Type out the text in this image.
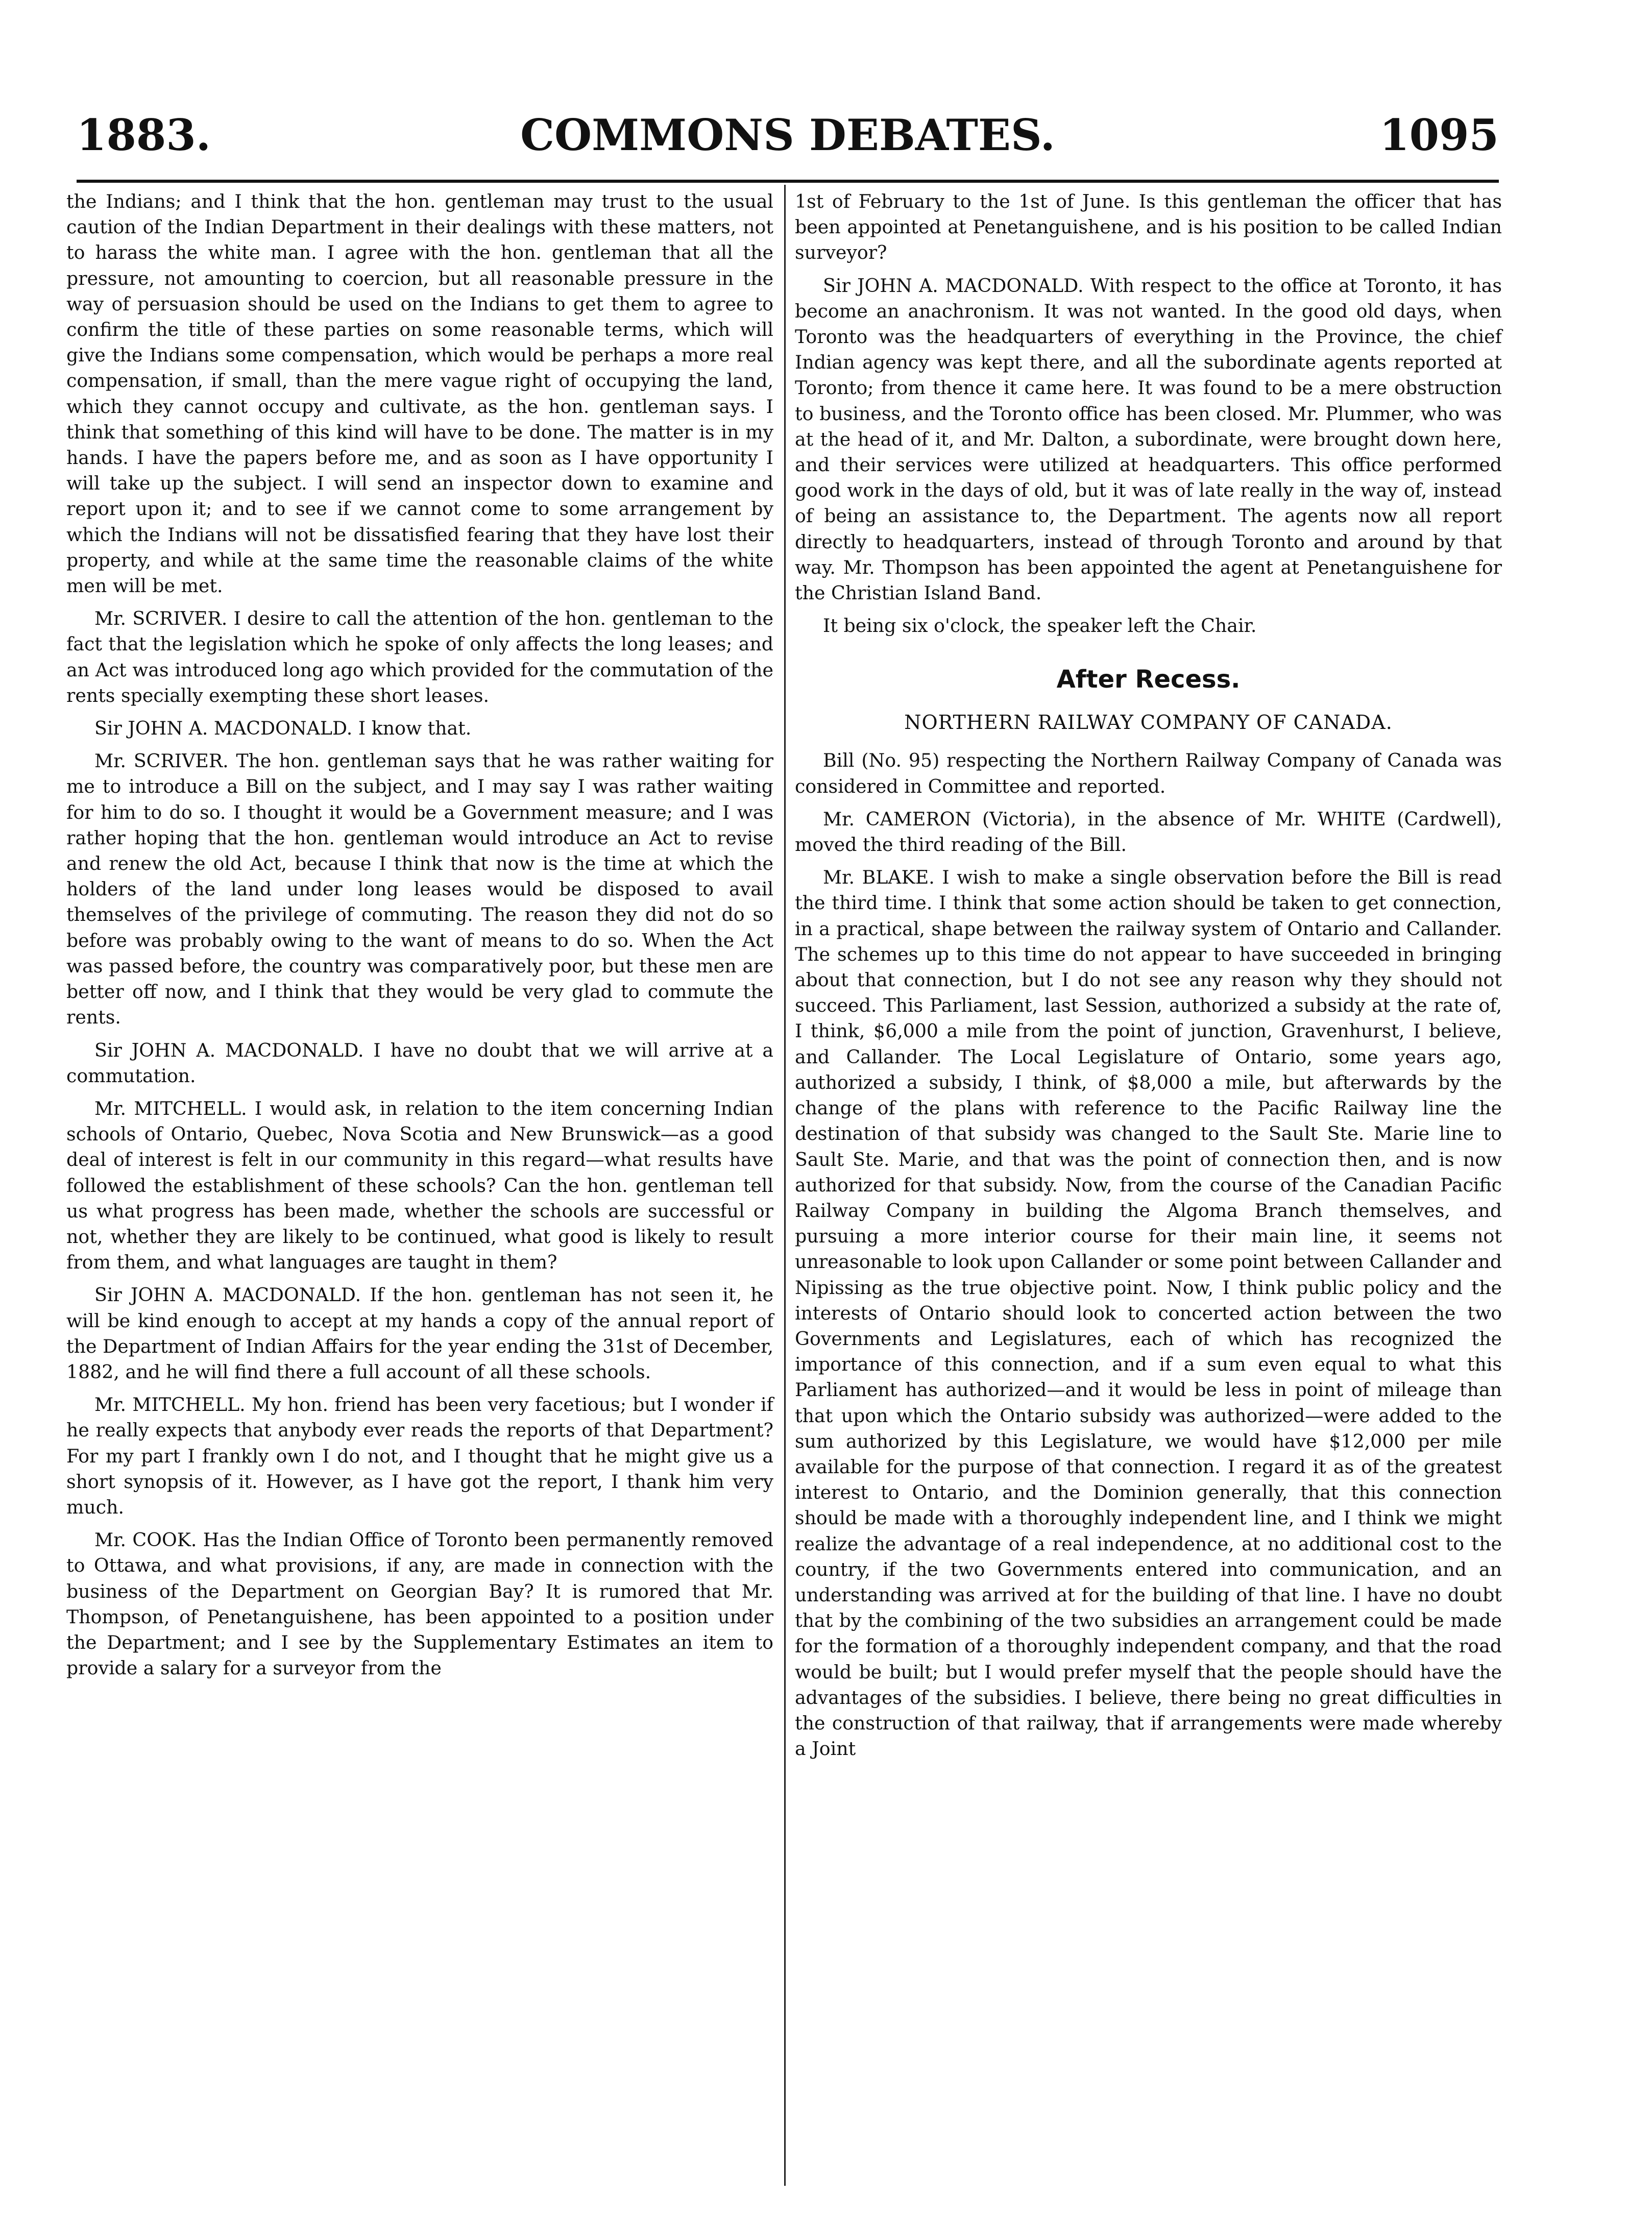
1883.	COMMONS DEBATES.	1095

the Indians; and I think that the hon. gentleman may trust to the usual caution of the Indian Department in their dealings with these matters, not to harass the white man. I agree with the hon. gentleman that all the pressure, not amounting to coercion, but all reasonable pressure in the way of persuasion should be used on the Indians to get them to agree to confirm the title of these parties on some reasonable terms, which will give the Indians some compensation, which would be perhaps a more real compensation, if small, than the mere vague right of occupying the land, which they cannot occupy and cultivate, as the hon. gentleman says. I think that something of this kind will have to be done. The matter is in my hands. I have the papers before me, and as soon as I have opportunity I will take up the subject. I will send an inspector down to examine and report upon it; and to see if we cannot come to some arrangement by which the Indians will not be dissatisfied fearing that they have lost their property, and while at the same time the reasonable claims of the white men will be met.

Mr. SCRIVER. I desire to call the attention of the hon. gentleman to the fact that the legislation which he spoke of only affects the long leases; and an Act was introduced long ago which provided for the commutation of the rents specially exempting these short leases.

Sir JOHN A. MACDONALD. I know that.

Mr. SCRIVER. The hon. gentleman says that he was rather waiting for me to introduce a Bill on the subject, and I may say I was rather waiting for him to do so. I thought it would be a Government measure; and I was rather hoping that the hon. gentleman would introduce an Act to revise and renew the old Act, because I think that now is the time at which the holders of the land under long leases would be disposed to avail themselves of the privilege of commuting. The reason they did not do so before was probably owing to the want of means to do so. When the Act was passed before, the country was comparatively poor, but these men are better off now, and I think that they would be very glad to commute the rents.

Sir JOHN A. MACDONALD. I have no doubt that we will arrive at a commutation.

Mr. MITCHELL. I would ask, in relation to the item concerning Indian schools of Ontario, Quebec, Nova Scotia and New Brunswick—as a good deal of interest is felt in our community in this regard—what results have followed the establishment of these schools? Can the hon. gentleman tell us what progress has been made, whether the schools are successful or not, whether they are likely to be continued, what good is likely to result from them, and what languages are taught in them?

Sir JOHN A. MACDONALD. If the hon. gentleman has not seen it, he will be kind enough to accept at my hands a copy of the annual report of the Department of Indian Affairs for the year ending the 31st of December, 1882, and he will find there a full account of all these schools.

Mr. MITCHELL. My hon. friend has been very facetious; but I wonder if he really expects that anybody ever reads the reports of that Department? For my part I frankly own I do not, and I thought that he might give us a short synopsis of it. However, as I have got the report, I thank him very much.

Mr. COOK. Has the Indian Office of Toronto been permanently removed to Ottawa, and what provisions, if any, are made in connection with the business of the Department on Georgian Bay? It is rumored that Mr. Thompson, of Penetanguishene, has been appointed to a position under the Department; and I see by the Supplementary Estimates an item to provide a salary for a surveyor from the

1st of February to the 1st of June. Is this gentleman the officer that has been appointed at Penetanguishene, and is his position to be called Indian surveyor?

Sir JOHN A. MACDONALD. With respect to the office at Toronto, it has become an anachronism. It was not wanted. In the good old days, when Toronto was the headquarters of everything in the Province, the chief Indian agency was kept there, and all the subordinate agents reported at Toronto; from thence it came here. It was found to be a mere obstruction to business, and the Toronto office has been closed. Mr. Plummer, who was at the head of it, and Mr. Dalton, a subordinate, were brought down here, and their services were utilized at headquarters. This office performed good work in the days of old, but it was of late really in the way of, instead of being an assistance to, the Department. The agents now all report directly to headquarters, instead of through Toronto and around by that way. Mr. Thompson has been appointed the agent at Penetanguishene for the Christian Island Band.

It being six o'clock, the speaker left the Chair.

After Recess.
NORTHERN RAILWAY COMPANY OF CANADA.

Bill (No. 95) respecting the Northern Railway Company of Canada was considered in Committee and reported.

Mr. CAMERON (Victoria), in the absence of Mr. WHITE (Cardwell), moved the third reading of the Bill.

Mr. BLAKE. I wish to make a single observation before the Bill is read the third time. I think that some action should be taken to get connection, in a practical, shape between the railway system of Ontario and Callander. The schemes up to this time do not appear to have succeeded in bringing about that connection, but I do not see any reason why they should not succeed. This Parliament, last Session, authorized a subsidy at the rate of, I think, $6,000 a mile from the point of junction, Gravenhurst, I believe, and Callander. The Local Legislature of Ontario, some years ago, authorized a subsidy, I think, of $8,000 a mile, but afterwards by the change of the plans with reference to the Pacific Railway line the destination of that subsidy was changed to the Sault Ste. Marie line to Sault Ste. Marie, and that was the point of connection then, and is now authorized for that subsidy. Now, from the course of the Canadian Pacific Railway Company in building the Algoma Branch themselves, and pursuing a more interior course for their main line, it seems not unreasonable to look upon Callander or some point between Callander and Nipissing as the true objective point. Now, I think public policy and the interests of Ontario should look to concerted action between the two Governments and Legislatures, each of which has recognized the importance of this connection, and if a sum even equal to what this Parliament has authorized—and it would be less in point of mileage than that upon which the Ontario subsidy was authorized—were added to the sum authorized by this Legislature, we would have $12,000 per mile available for the purpose of that connection. I regard it as of the greatest interest to Ontario, and the Dominion generally, that this connection should be made with a thoroughly independent line, and I think we might realize the advantage of a real independence, at no additional cost to the country, if the two Governments entered into communication, and an understanding was arrived at for the building of that line. I have no doubt that by the combining of the two subsidies an arrangement could be made for the formation of a thoroughly independent company, and that the road would be built; but I would prefer myself that the people should have the advantages of the subsidies. I believe, there being no great difficulties in the construction of that railway, that if arrangements were made whereby a Joint
